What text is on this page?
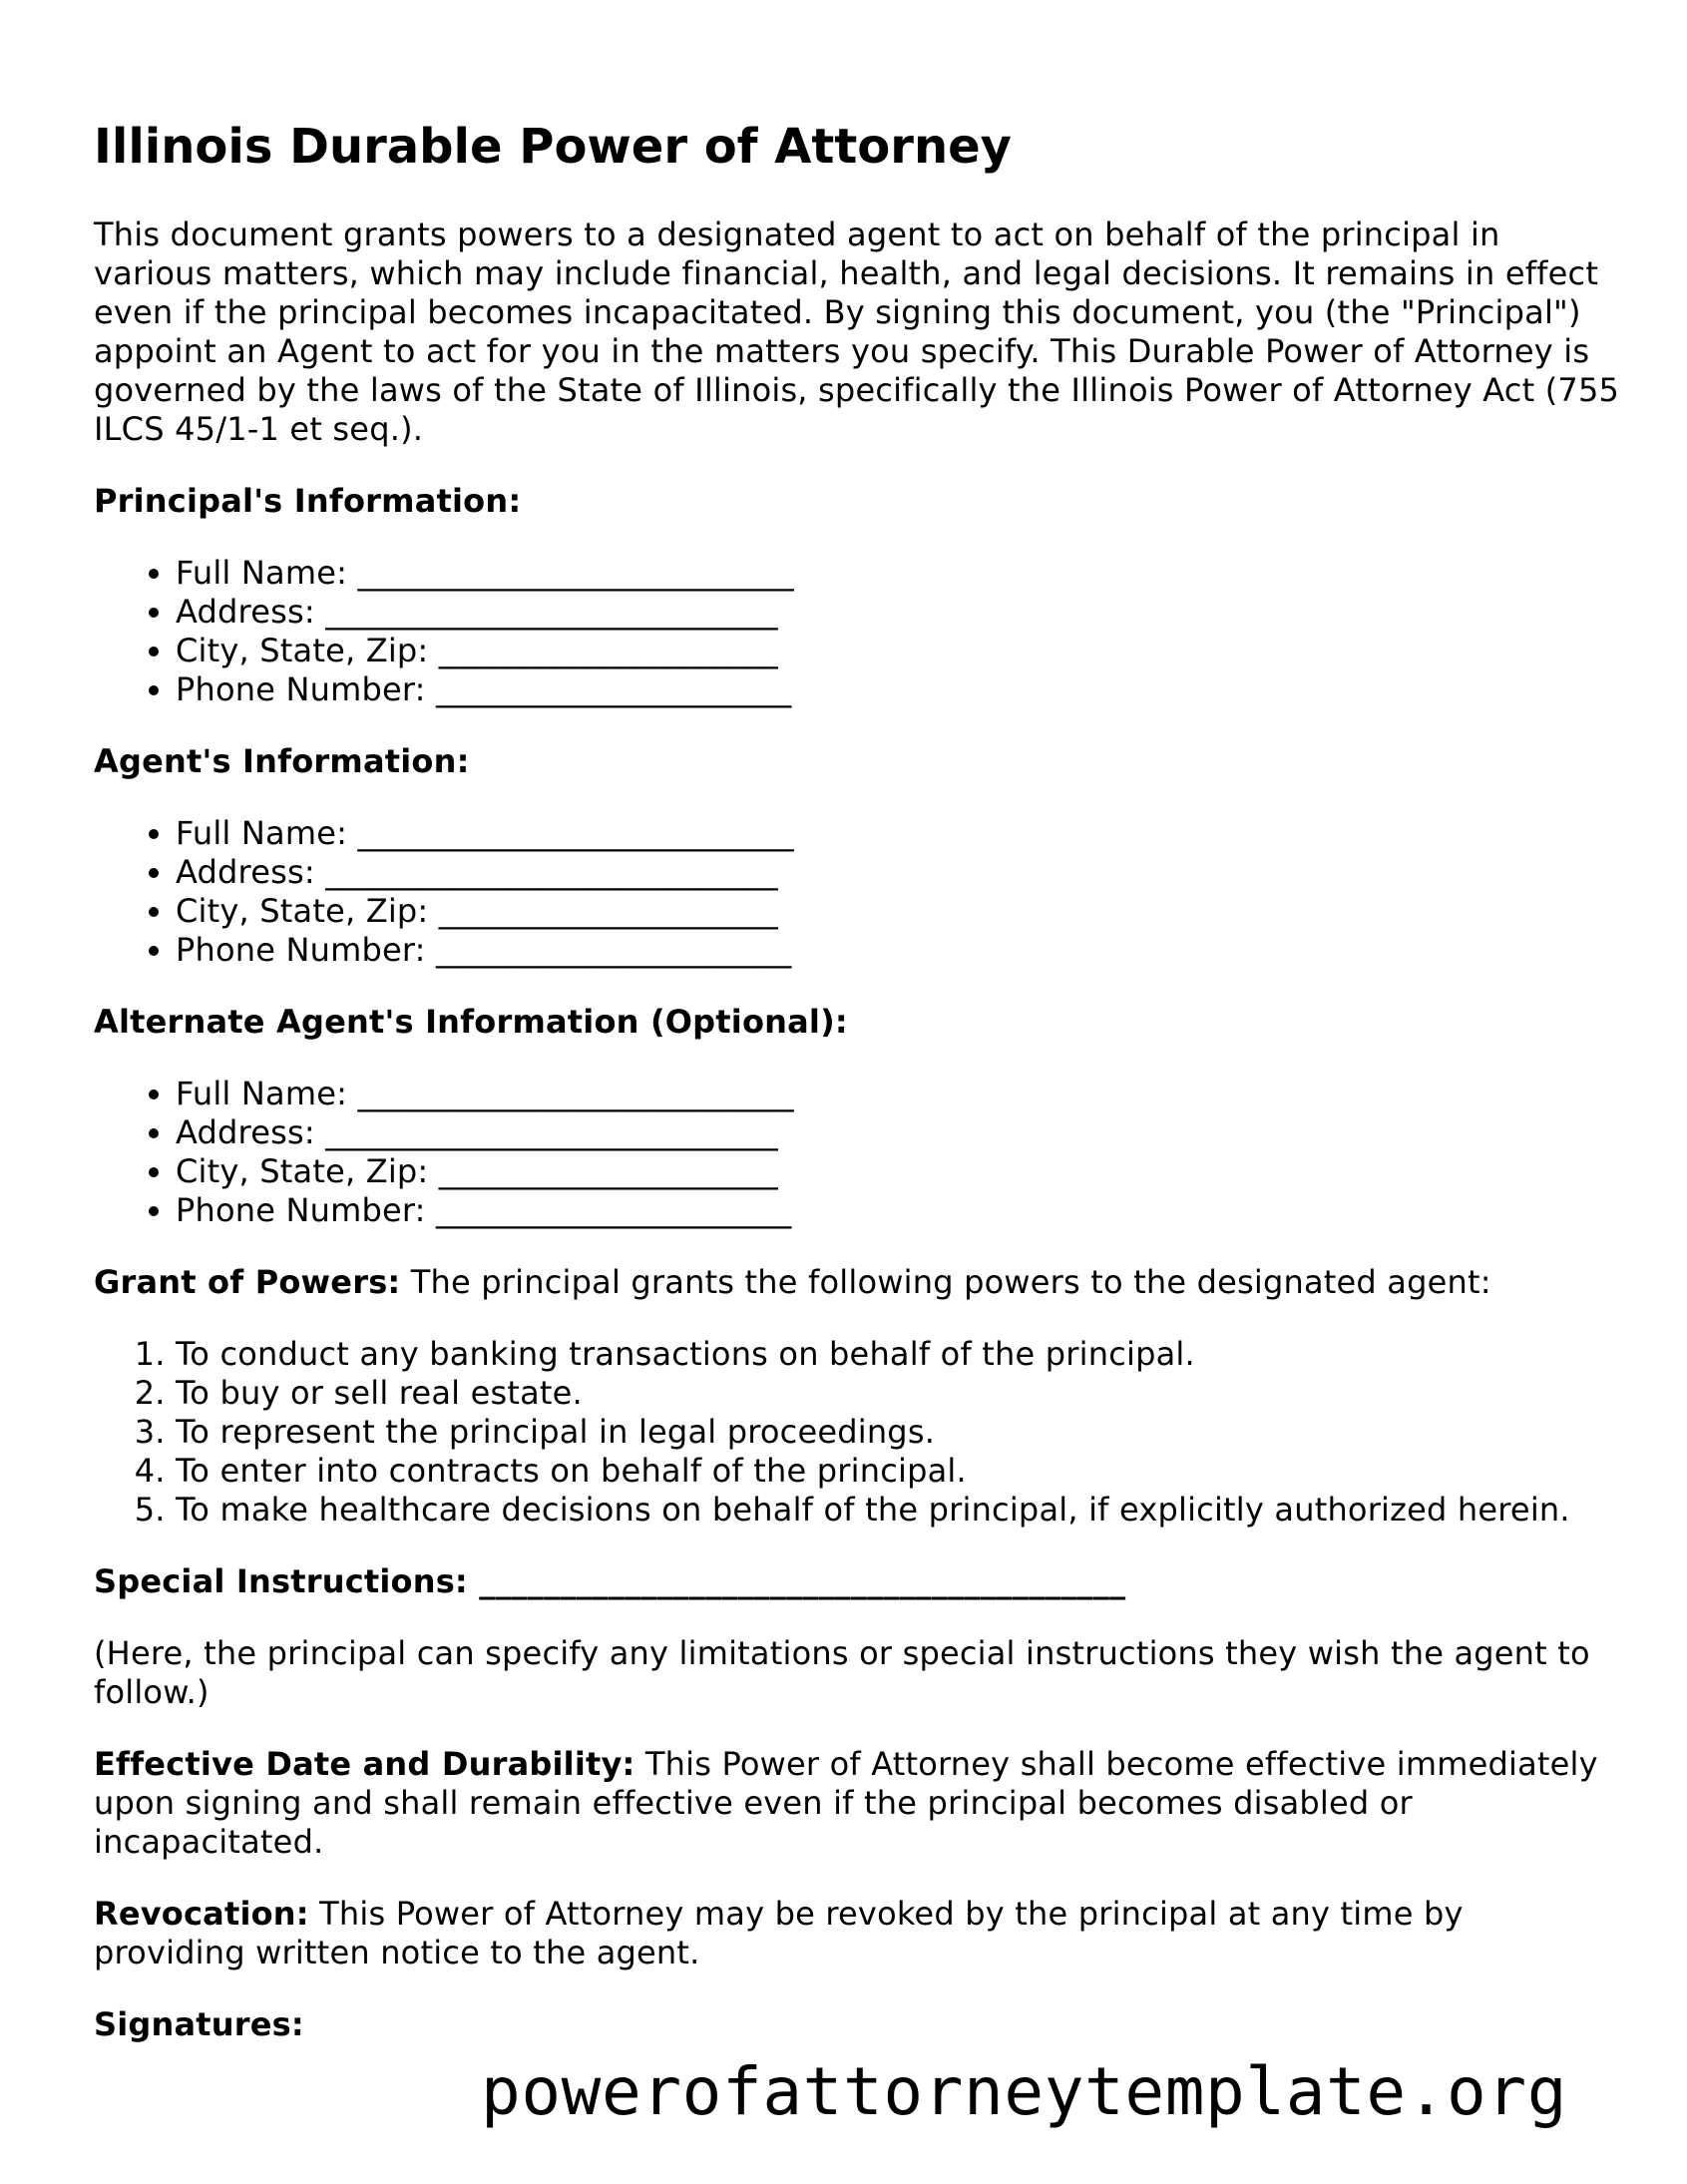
Illinois Durable Power of Attorney

This document grants powers to a designated agent to act on behalf of the principal in various matters, which may include financial, health, and legal decisions. It remains in effect even if the principal becomes incapacitated. By signing this document, you (the "Principal") appoint an Agent to act for you in the matters you specify. This Durable Power of Attorney is governed by the laws of the State of Illinois, specifically the Illinois Power of Attorney Act (755 ILCS 45/1-1 et seq.).

Principal's Information:

• Full Name: ___________________________
• Address: ____________________________
• City, State, Zip: _____________________
• Phone Number: ______________________

Agent's Information:

• Full Name: ___________________________
• Address: ____________________________
• City, State, Zip: _____________________
• Phone Number: ______________________

Alternate Agent's Information (Optional):

• Full Name: ___________________________
• Address: ____________________________
• City, State, Zip: _____________________
• Phone Number: ______________________

Grant of Powers: The principal grants the following powers to the designated agent:

1. To conduct any banking transactions on behalf of the principal.
2. To buy or sell real estate.
3. To represent the principal in legal proceedings.
4. To enter into contracts on behalf of the principal.
5. To make healthcare decisions on behalf of the principal, if explicitly authorized herein.

Special Instructions: ________________________________________

(Here, the principal can specify any limitations or special instructions they wish the agent to follow.)

Effective Date and Durability: This Power of Attorney shall become effective immediately upon signing and shall remain effective even if the principal becomes disabled or incapacitated.

Revocation: This Power of Attorney may be revoked by the principal at any time by providing written notice to the agent.

Signatures:

powerofattorneytemplate.org
